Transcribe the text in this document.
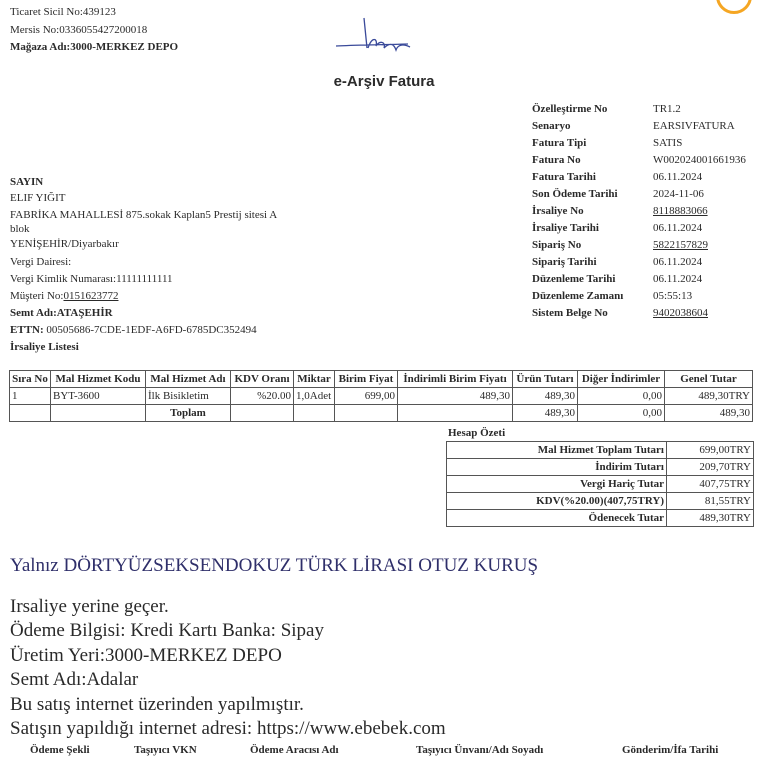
Ticaret Sicil No:439123
Mersis No:0336055427200018
Mağaza Adı:3000-MERKEZ DEPO
e-Arşiv Fatura
Özelleştirme No	TR1.2
Senaryo	EARSIVFATURA
Fatura Tipi	SATIS
Fatura No	W002024001661936
Fatura Tarihi	06.11.2024
Son Ödeme Tarihi	2024-11-06
İrsaliye No	8118883066
İrsaliye Tarihi	06.11.2024
Sipariş No	5822157829
Sipariş Tarihi	06.11.2024
Düzenleme Tarihi	06.11.2024
Düzenleme Zamanı	05:55:13
Sistem Belge No	9402038604
SAYIN
ELIF YIĞIT
FABRİKA MAHALLESİ 875.sokak Kaplan5 Prestij sitesi A
blok
YENİŞEHİR/Diyarbakır
Vergi Dairesi:
Vergi Kimlik Numarası:11111111111
Müşteri No:0151623772
Semt Adı:ATAŞEHİR
ETTN: 00505686-7CDE-1EDF-A6FD-6785DC352494
İrsaliye Listesi
Sıra No	Mal Hizmet Kodu	Mal Hizmet Adı	KDV Oranı	Miktar	Birim Fiyat	İndirimli Birim Fiyatı	Ürün Tutarı	Diğer İndirimler	Genel Tutar
1	BYT-3600	İlk Bisikletim	%20.00	1,0Adet	699,00	489,30	489,30	0,00	489,30TRY
		Toplam					489,30	0,00	489,30
Hesap Özeti
Mal Hizmet Toplam Tutarı	699,00TRY
İndirim Tutarı	209,70TRY
Vergi Hariç Tutar	407,75TRY
KDV(%20.00)(407,75TRY)	81,55TRY
Ödenecek Tutar	489,30TRY
Yalnız DÖRTYÜZSEKSENDOKUZ TÜRK LİRASI OTUZ KURUŞ
Irsaliye yerine geçer.
Ödeme Bilgisi: Kredi Kartı Banka: Sipay
Üretim Yeri:3000-MERKEZ DEPO
Semt Adı:Adalar
Bu satış internet üzerinden yapılmıştır.
Satışın yapıldığı internet adresi: https://www.ebebek.com
Ödeme Şekli	Taşıyıcı VKN	Ödeme Aracısı Adı	Taşıyıcı Ünvanı/Adı Soyadı	Gönderim/İfa Tarihi
